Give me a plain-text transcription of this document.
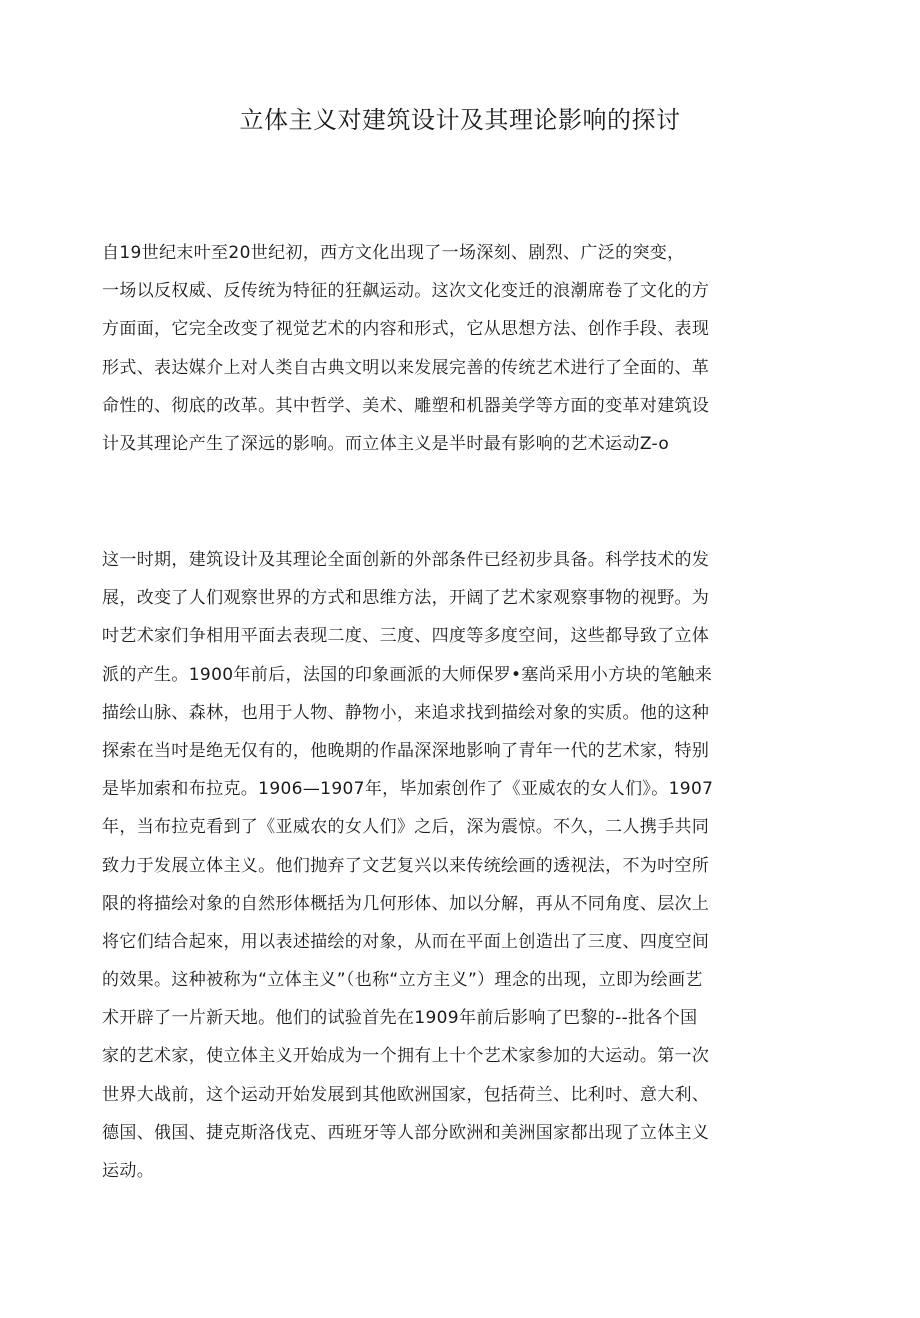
立体主义对建筑设计及其理论影响的探讨
自19世纪末叶至20世纪初，西方文化出现了一场深刻、剧烈、广泛的突变，
一场以反权威、反传统为特征的狂飙运动。这次文化变迁的浪潮席卷了文化的方
方面面，它完全改变了视觉艺术的内容和形式，它从思想方法、创作手段、表现
形式、表达媒介上对人类自古典文明以来发展完善的传统艺术进行了全面的、革
命性的、彻底的改革。其中哲学、美术、雕塑和机器美学等方面的变革对建筑设
计及其理论产生了深远的影响。而立体主义是半时最有影响的艺术运动Z-o
这一时期，建筑设计及其理论全面创新的外部条件已经初步具备。科学技术的发
展，改变了人们观察世界的方式和思维方法，开阔了艺术家观察事物的视野。为
吋艺术家们争相用平面去表现二度、三度、四度等多度空间，这些都导致了立体
派的产生。1900年前后，法国的印象画派的大师保罗•塞尚采用小方块的笔触来
描绘山脉、森林，也用于人物、静物小，来追求找到描绘对象的实质。他的这种
探索在当吋是绝无仅有的，他晚期的作晶深深地影响了青年一代的艺术家，特别
是毕加索和布拉克。1906—1907年，毕加索创作了《亚威农的女人们》。1907
年，当布拉克看到了《亚威农的女人们》之后，深为震惊。不久，二人携手共同
致力于发展立体主义。他们抛弃了文艺复兴以来传统绘画的透视法，不为吋空所
限的将描绘对象的自然形体概括为几何形体、加以分解，再从不同角度、层次上
将它们结合起來，用以表述描绘的对象，从而在平面上创造出了三度、四度空间
的效果。这种被称为“立体主义”（也称“立方主义”）理念的出现，立即为绘画艺
术开辟了一片新天地。他们的试验首先在1909年前后影响了巴黎的--批各个国
家的艺术家，使立体主义开始成为一个拥有上十个艺术家参加的大运动。第一次
世界大战前，这个运动开始发展到其他欧洲国家，包括荷兰、比利吋、意大利、
德国、俄国、捷克斯洛伐克、西班牙等人部分欧洲和美洲国家都出现了立体主义
运动。
